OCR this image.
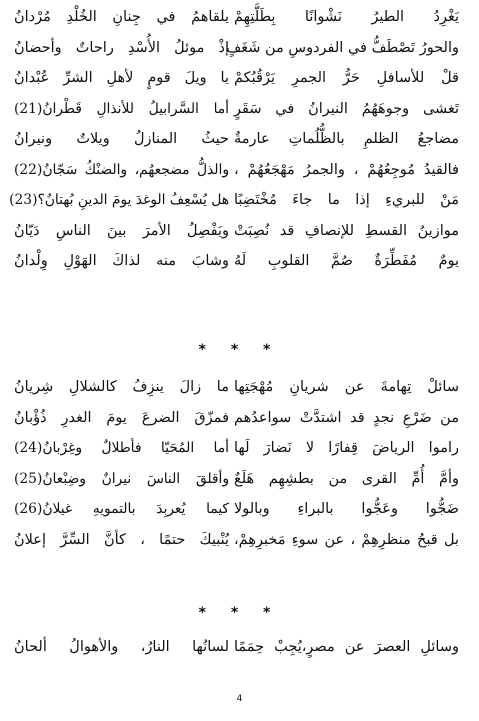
يَغْرِدُ الطيرُ نَشْوانًا بِطَلَّتِهِمْ
يلقاهمُ في جِنانِ الخُلْدِ مُرْدانُ
والحورُ تَصْطَفُّ في الفردوسِ من شَغَفٍ
إذْ موئلُ الأُسْدِ راحاتٌ وأحضانُ
قلْ للأسافلِ حَرُّ الجمرِ يَرْقُبُكمْ
يا ويلَ قومٍ لأهلِ الشرِّ عُبْدانُ
تَغشى وجوهَهُمُ النيرانُ في سَقَرٍ
أما السَّرابيلُ للأنذالِ قَطْرانُ(21)
مضاجعُ الظلمِ بالظُّلُماتِ عارمةٌ
حيثُ المنازلُ ويلاتٌ ونيرانُ
فالقيدُ مُوجِعُهُمْ ، والجمرُ مَهْجَعُهُمْ ،
والذلُّ مضجعهُم، والضنْكُ سَجّانُ(22)
مَنْ للبريءِ إذا ما جاءَ مُخْتَضِبًا
هل يُسْعِفُ الوغدَ يومَ الدينِ بُهتانُ؟(23)
موازينُ القسطِ للإنصافِ قد نُصِبَتْ
ويَفْصِلُ الأمرَ بينَ الناسِ دَيّانُ
يومٌ مُفَطِّرَةٌ صُمَّ القلوبِ لَهُ
وشابَ منه لذاكَ الهَوْلِ وِلْدانُ
* * *
سائلْ تِهامةَ عن شريانِ مُهْجَتِها
ما زالَ ينزِفُ كالشلالِ شِريانُ
من ضَرْعِ نجدٍ قد اشتدَّتْ سواعدُهم
فمزّقَ الضرعَ يومَ الغدرِ ذُؤْبانُ
راموا الرياضَ قِفارًا لا نَضارَ لَها
أما المُحَيّا فأطلالٌ وغِرْبانُ(24)
وأمَّ أُمِّ القرى من بطشِهِم هَلَعٌ
وأقلقَ الناسَ نيرانٌ وضِبْعانُ(25)
ضَجُّوا وعَجُّوا بالبراءِ وبالولا
كيما يُعربِدَ بالتمويهِ غيلانُ(26)
بل قبحُ منظرِهِمْ ، عن سوءِ مَخبرِهِمْ،
يُنْبيكَ حتمًا ، كأنَّ السِّرَّ إعلانُ
* * *
وسائلِ العصرَ عن مصرٍ،يُجِبْ حِمَمًا
لسانُها النارُ، والأهوالُ ألحانُ
4
